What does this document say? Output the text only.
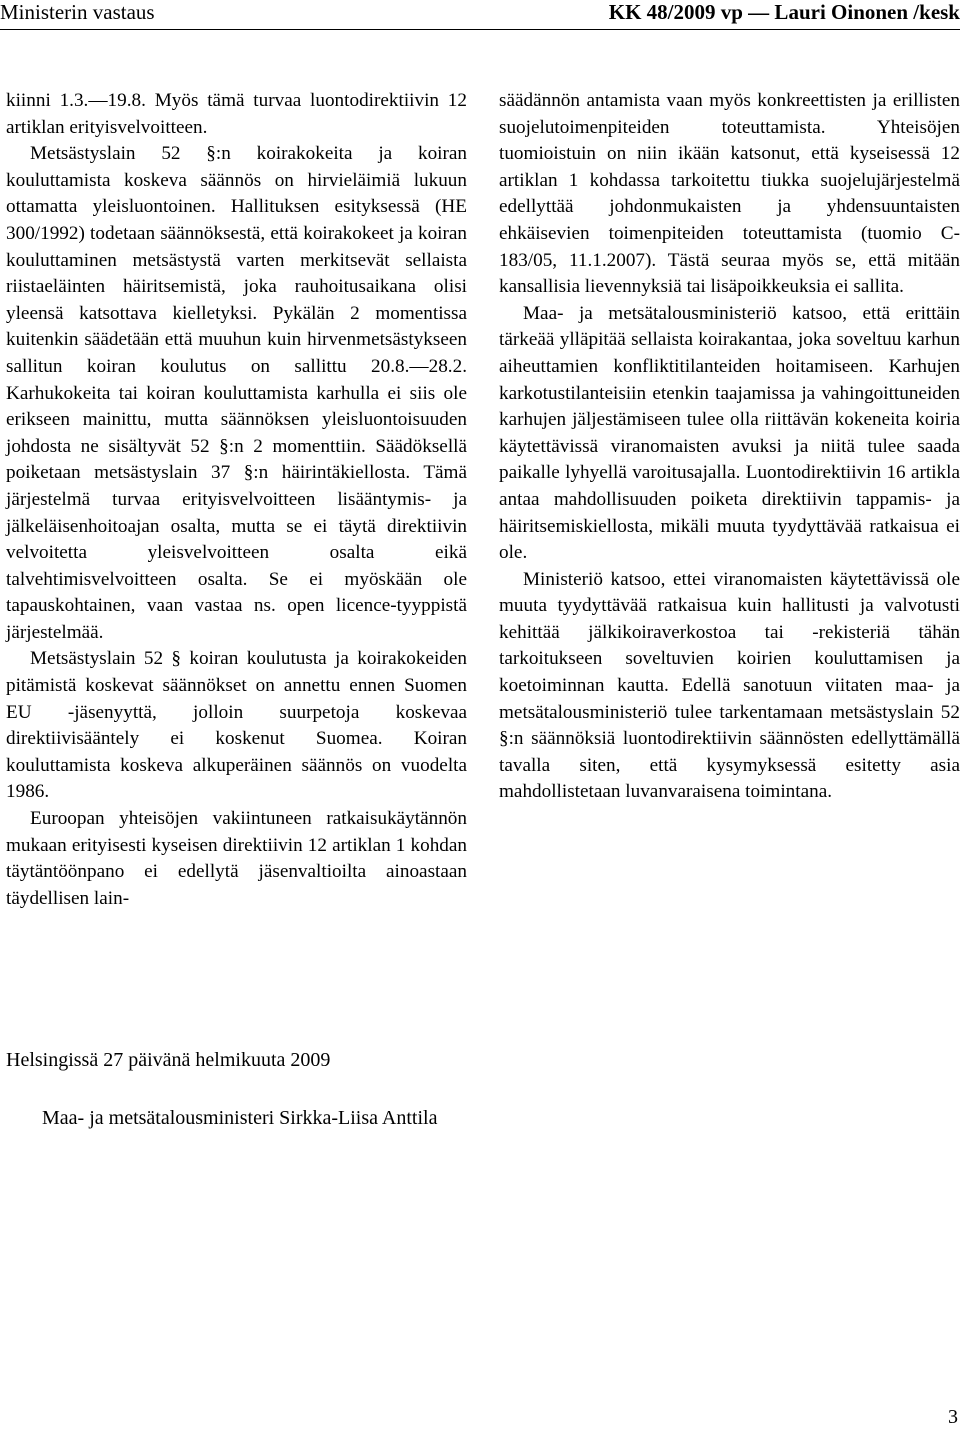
Ministerin vastaus	KK 48/2009 vp — Lauri Oinonen /kesk

kiinni 1.3.—19.8. Myös tämä turvaa luontodirektiivin 12 artiklan erityisvelvoitteen.

Metsästyslain 52 §:n koirakokeita ja koiran kouluttamista koskeva säännös on hirvieläimiä lukuun ottamatta yleisluontoinen. Hallituksen esityksessä (HE 300/1992) todetaan säännöksestä, että koirakokeet ja koiran kouluttaminen metsästystä varten merkitsevät sellaista riistaeläinten häiritsemistä, joka rauhoitusaikana olisi yleensä katsottava kielletyksi. Pykälän 2 momentissa kuitenkin säädetään että muuhun kuin hirvenmetsästykseen sallitun koiran koulutus on sallittu 20.8.—28.2. Karhukokeita tai koiran kouluttamista karhulla ei siis ole erikseen mainittu, mutta säännöksen yleisluontoisuuden johdosta ne sisältyvät 52 §:n 2 momenttiin. Säädöksellä poiketaan metsästyslain 37 §:n häirintäkiellosta. Tämä järjestelmä turvaa erityisvelvoitteen lisääntymis- ja jälkeläisenhoitoajan osalta, mutta se ei täytä direktiivin velvoitetta yleisvelvoitteen osalta eikä talvehtimisvelvoitteen osalta. Se ei myöskään ole tapauskohtainen, vaan vastaa ns. open licence-tyyppistä järjestelmää.

Metsästyslain 52 § koiran koulutusta ja koirakokeiden pitämistä koskevat säännökset on annettu ennen Suomen EU -jäsenyyttä, jolloin suurpetoja koskevaa direktiivisääntely ei koskenut Suomea. Koiran kouluttamista koskeva alkuperäinen säännös on vuodelta 1986.

Euroopan yhteisöjen vakiintuneen ratkaisukäytännön mukaan erityisesti kyseisen direktiivin 12 artiklan 1 kohdan täytäntöönpano ei edellytä jäsenvaltioilta ainoastaan täydellisen lain-

säädännön antamista vaan myös konkreettisten ja erillisten suojelutoimenpiteiden toteuttamista. Yhteisöjen tuomioistuin on niin ikään katsonut, että kyseisessä 12 artiklan 1 kohdassa tarkoitettu tiukka suojelujärjestelmä edellyttää johdonmukaisten ja yhdensuuntaisten ehkäisevien toimenpiteiden toteuttamista (tuomio C-183/05, 11.1.2007). Tästä seuraa myös se, että mitään kansallisia lievennyksiä tai lisäpoikkeuksia ei sallita.

Maa- ja metsätalousministeriö katsoo, että erittäin tärkeää ylläpitää sellaista koirakantaa, joka soveltuu karhun aiheuttamien konfliktitilanteiden hoitamiseen. Karhujen karkotustilanteisiin etenkin taajamissa ja vahingoittuneiden karhujen jäljestämiseen tulee olla riittävän kokeneita koiria käytettävissä viranomaisten avuksi ja niitä tulee saada paikalle lyhyellä varoitusajalla. Luontodirektiivin 16 artikla antaa mahdollisuuden poiketa direktiivin tappamis- ja häiritsemiskiellosta, mikäli muuta tyydyttävää ratkaisua ei ole.

Ministeriö katsoo, ettei viranomaisten käytettävissä ole muuta tyydyttävää ratkaisua kuin hallitusti ja valvotusti kehittää jälkikoiraverkostoa tai -rekisteriä tähän tarkoitukseen soveltuvien koirien kouluttamisen ja koetoiminnan kautta. Edellä sanotuun viitaten maa- ja metsätalousministeriö tulee tarkentamaan metsästyslain 52 §:n säännöksiä luontodirektiivin säännösten edellyttämällä tavalla siten, että kysymyksessä esitetty asia mahdollistetaan luvanvaraisena toimintana.

Helsingissä 27 päivänä helmikuuta 2009
Maa- ja metsätalousministeri Sirkka-Liisa Anttila
3
